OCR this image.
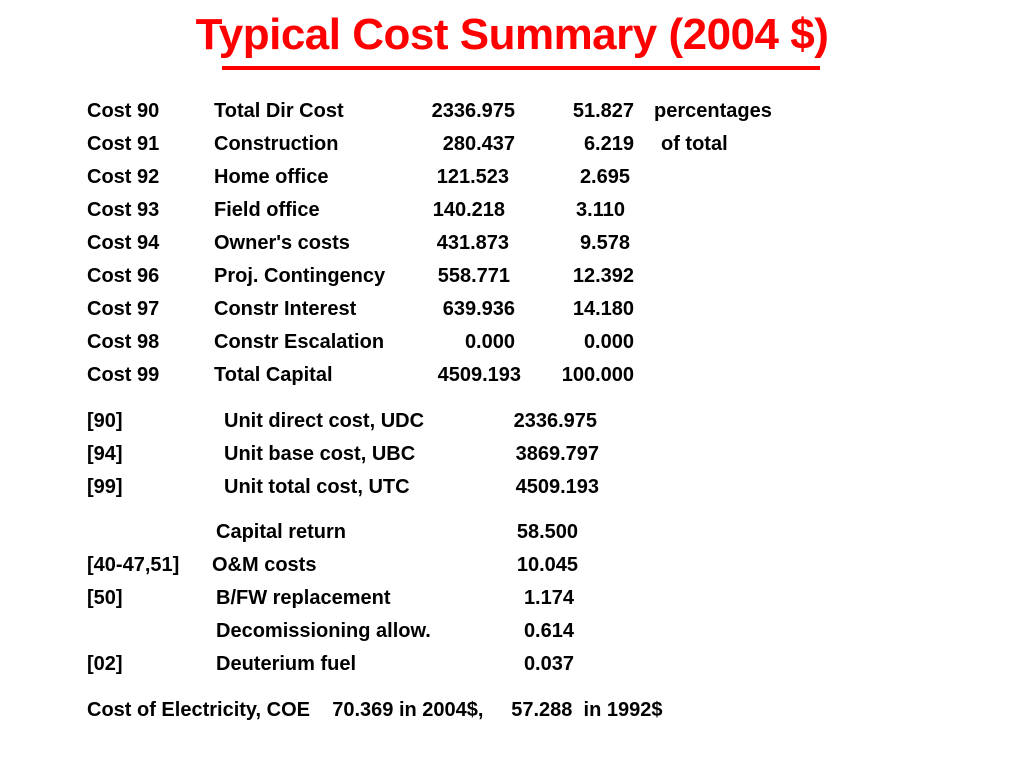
Typical Cost Summary (2004 $)
Cost 90	Total Dir Cost	2336.975	51.827 percentages
Cost 91	Construction	280.437	6.219 of total
Cost 92	Home office	121.523	2.695
Cost 93	Field office	140.218	3.110
Cost 94	Owner's costs	431.873	9.578
Cost 96	Proj. Contingency	558.771	12.392
Cost 97	Constr Interest	639.936	14.180
Cost 98	Constr Escalation	0.000	0.000
Cost 99	Total Capital	4509.193	100.000
[90]	Unit direct cost, UDC	2336.975
[94]	Unit base cost, UBC	3869.797
[99]	Unit total cost, UTC	4509.193
Capital return	58.500
[40-47,51] O&M costs	10.045
[50]	B/FW replacement	1.174
Decomissioning allow.	0.614
[02]	Deuterium fuel	0.037
Cost of Electricity, COE    70.369 in 2004$,     57.288  in 1992$
